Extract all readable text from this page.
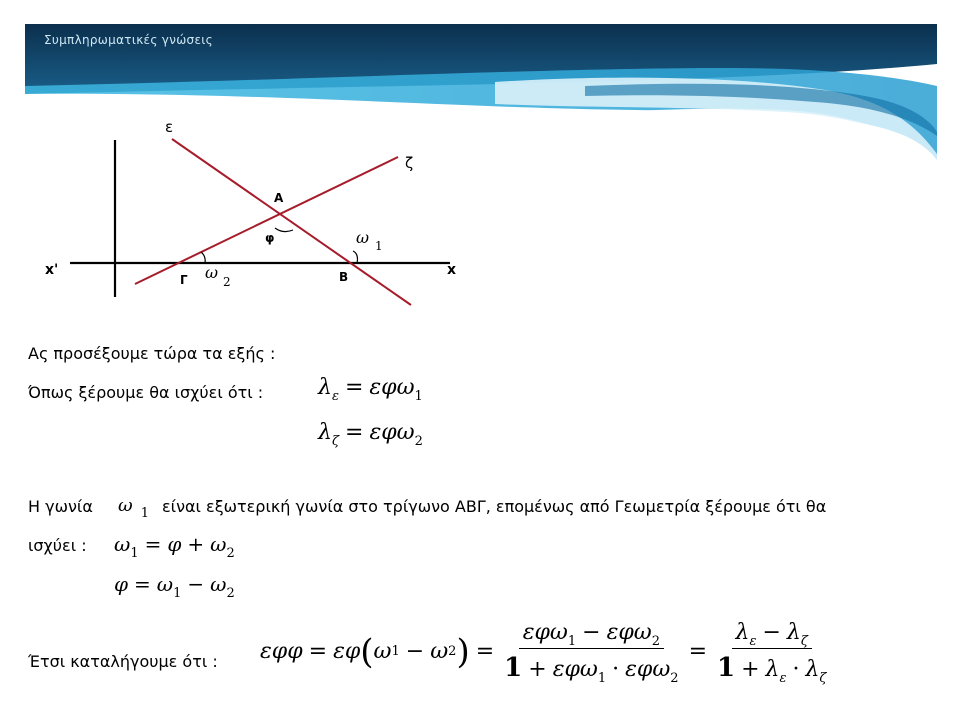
Συμπληρωματικές γνώσεις
ε
ζ
A
φ	ω 1
x'	x
Γ ω 2	B
Ας προσέξουμε τώρα τα εξής :
Όπως ξέρουμε θα ισχύει ότι : $\lambda_\varepsilon = \varepsilon\varphi\omega_1$
$\lambda_\zeta = \varepsilon\varphi\omega_2$
Η γωνία ω $_1$ είναι εξωτερική γωνία στο τρίγωνο ΑΒΓ, επομένως από Γεωμετρία ξέρουμε ότι θα
ισχύει : $\omega_1 = \varphi + \omega_2$
$\varphi = \omega_1 - \omega_2$
Έτσι καταλήγουμε ότι : εφφ = εφ ( ω 1 − ω 2 ) = $\frac{\varepsilon\varphi\omega_1 - \varepsilon\varphi\omega_2}{1 + \varepsilon\varphi\omega_1 \cdot \varepsilon\varphi\omega_2} = \frac{\lambda_\varepsilon - \lambda_\zeta}{1 + \lambda_\varepsilon \cdot \lambda_\zeta}$
